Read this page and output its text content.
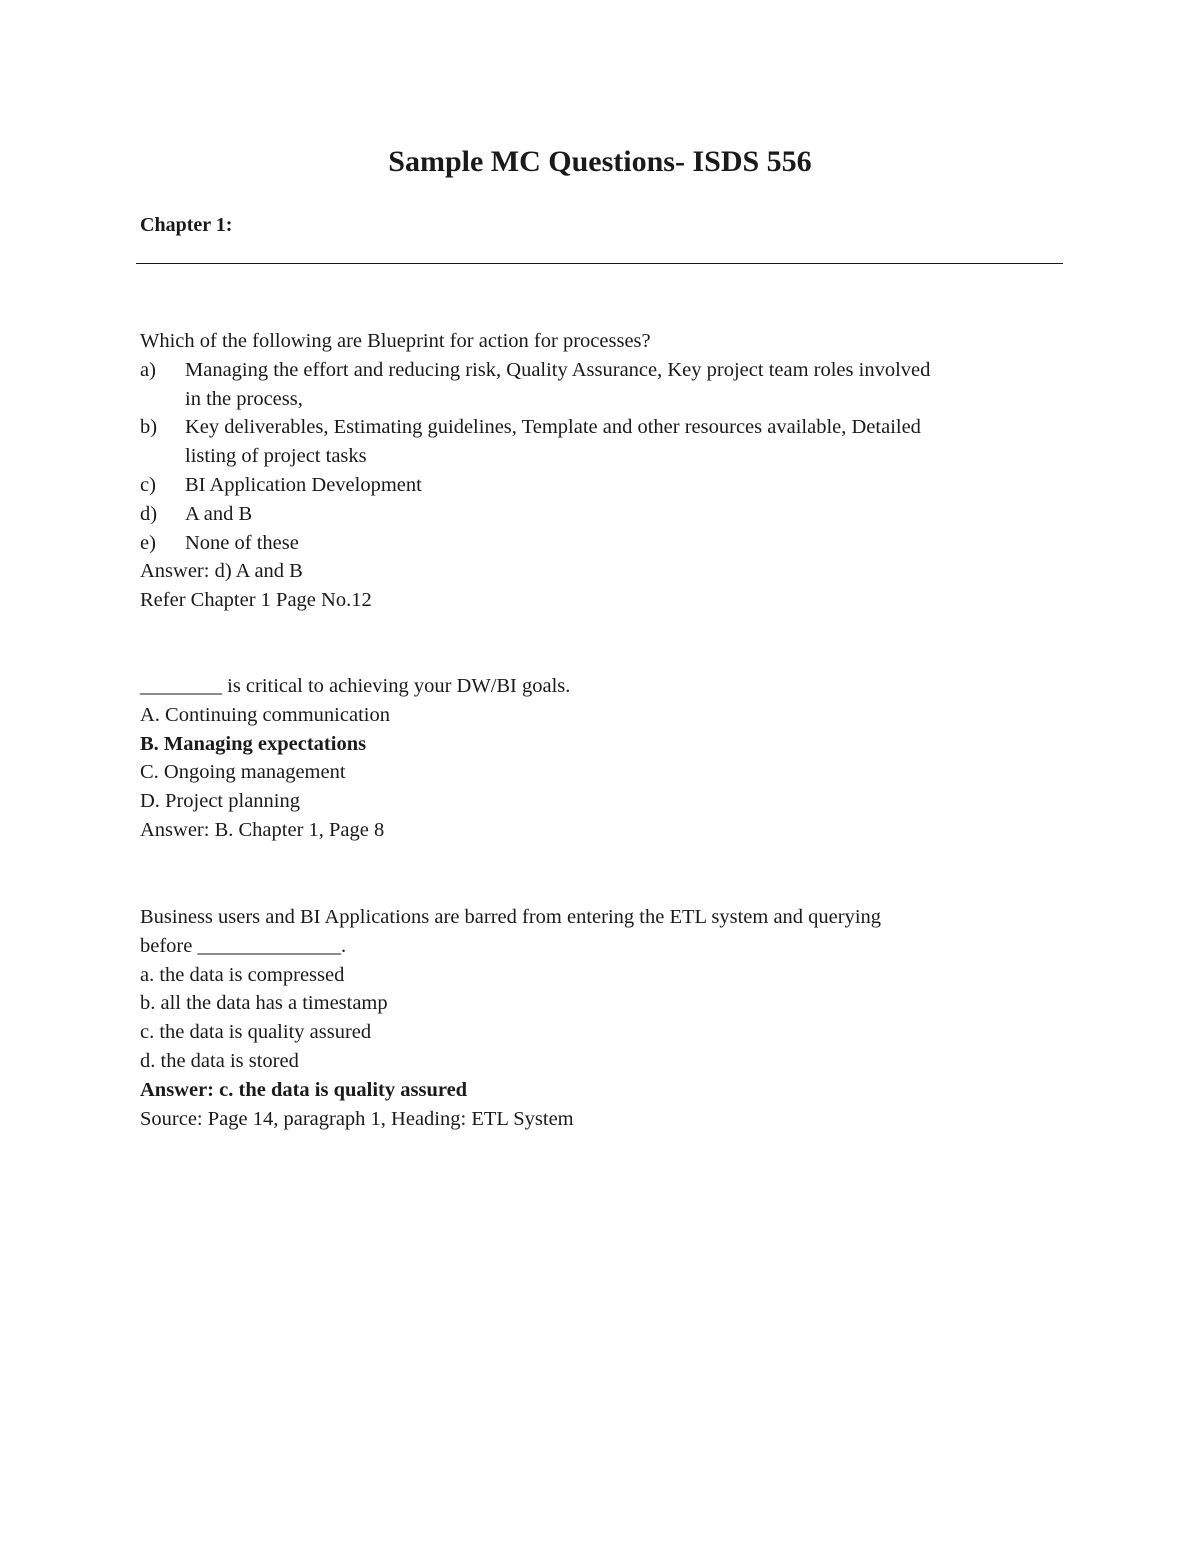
Sample MC Questions- ISDS 556
Chapter 1:
Which of the following are Blueprint for action for processes?
a)	Managing the effort and reducing risk, Quality Assurance, Key project team roles involved
in the process,
b)	Key deliverables, Estimating guidelines, Template and other resources available, Detailed
listing of project tasks
c)	BI Application Development
d)	A and B
e)	None of these
Answer: d) A and B
Refer Chapter 1 Page No.12
________ is critical to achieving your DW/BI goals.
A. Continuing communication
B. Managing expectations
C. Ongoing management
D. Project planning
Answer: B. Chapter 1, Page 8
Business users and BI Applications are barred from entering the ETL system and querying
before ______________.
a. the data is compressed
b. all the data has a timestamp
c. the data is quality assured
d. the data is stored
Answer: c. the data is quality assured
Source: Page 14, paragraph 1, Heading: ETL System
